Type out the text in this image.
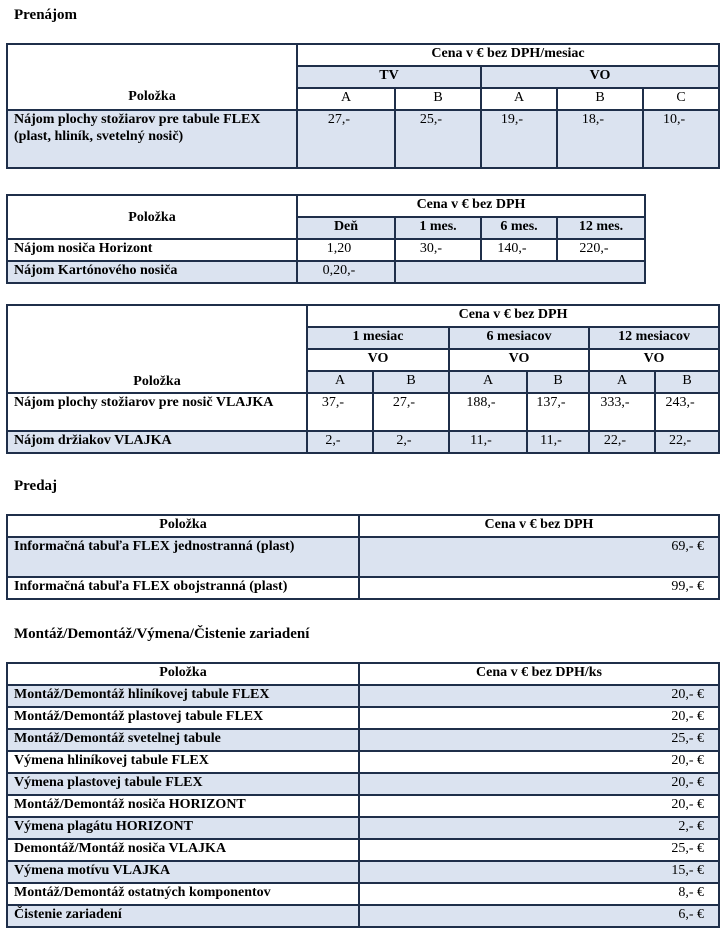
Prenájom
Položka	Cena v € bez DPH/mesiac				
	TV		VO		
	A	B	A	B	C
Nájom plochy stožiarov pre tabule FLEX (plast, hliník, svetelný nosič)	27,-	25,-	19,-	18,-	10,-
Položka	Cena v € bez DPH			
	Deň	1 mes.	6 mes.	12 mes.
Nájom nosiča Horizont	1,20	30,-	140,-	220,-
Nájom Kartónového nosiča	0,20,-			
Položka	Cena v € bez DPH					
	1 mesiac		6 mesiacov		12 mesiacov	
	VO		VO		VO	
	A	B	A	B	A	B
Nájom plochy stožiarov pre nosič VLAJKA	37,-	27,-	188,-	137,-	333,-	243,-
Nájom držiakov VLAJKA	2,-	2,-	11,-	11,-	22,-	22,-
Predaj
Položka	Cena v € bez DPH
Informačná tabuľa FLEX jednostranná (plast)	69,- €
Informačná tabuľa FLEX obojstranná (plast)	99,- €
Montáž/Demontáž/Výmena/Čistenie zariadení
Položka	Cena v € bez DPH/ks
Montáž/Demontáž hliníkovej tabule FLEX	20,- €
Montáž/Demontáž plastovej tabule FLEX	20,- €
Montáž/Demontáž svetelnej tabule	25,- €
Výmena hliníkovej tabule FLEX	20,- €
Výmena plastovej tabule FLEX	20,- €
Montáž/Demontáž nosiča HORIZONT	20,- €
Výmena plagátu HORIZONT	2,- €
Demontáž/Montáž nosiča VLAJKA	25,- €
Výmena motívu VLAJKA	15,- €
Montáž/Demontáž ostatných komponentov	8,- €
Čistenie zariadení	6,- €
